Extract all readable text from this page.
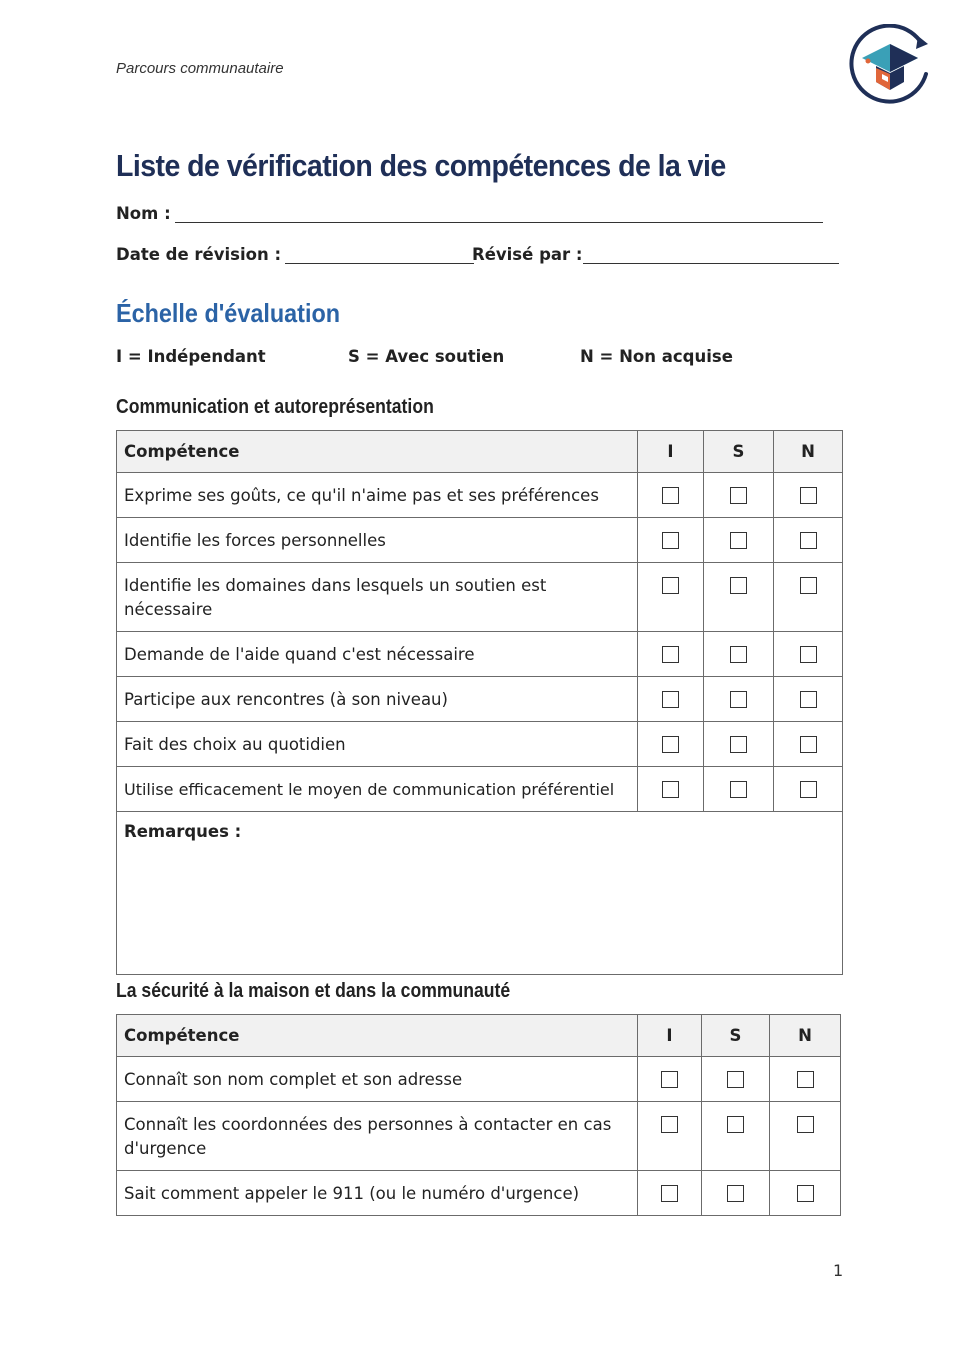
Parcours communautaire
Liste de vérification des compétences de la vie
Nom :
Date de révision :	Révisé par :
Échelle d'évaluation
I = Indépendant	S = Avec soutien	N = Non acquise
Communication et autoreprésentation
Compétence	I	S	N
Exprime ses goûts, ce qu'il n'aime pas et ses préférences			
Identifie les forces personnelles			
Identifie les domaines dans lesquels un soutien est nécessaire			
Demande de l'aide quand c'est nécessaire			
Participe aux rencontres (à son niveau)			
Fait des choix au quotidien			
Utilise efficacement le moyen de communication préférentiel			
Remarques :			
La sécurité à la maison et dans la communauté
Compétence	I	S	N
Connaît son nom complet et son adresse			
Connaît les coordonnées des personnes à contacter en cas d'urgence			
Sait comment appeler le 911 (ou le numéro d'urgence)			
1
